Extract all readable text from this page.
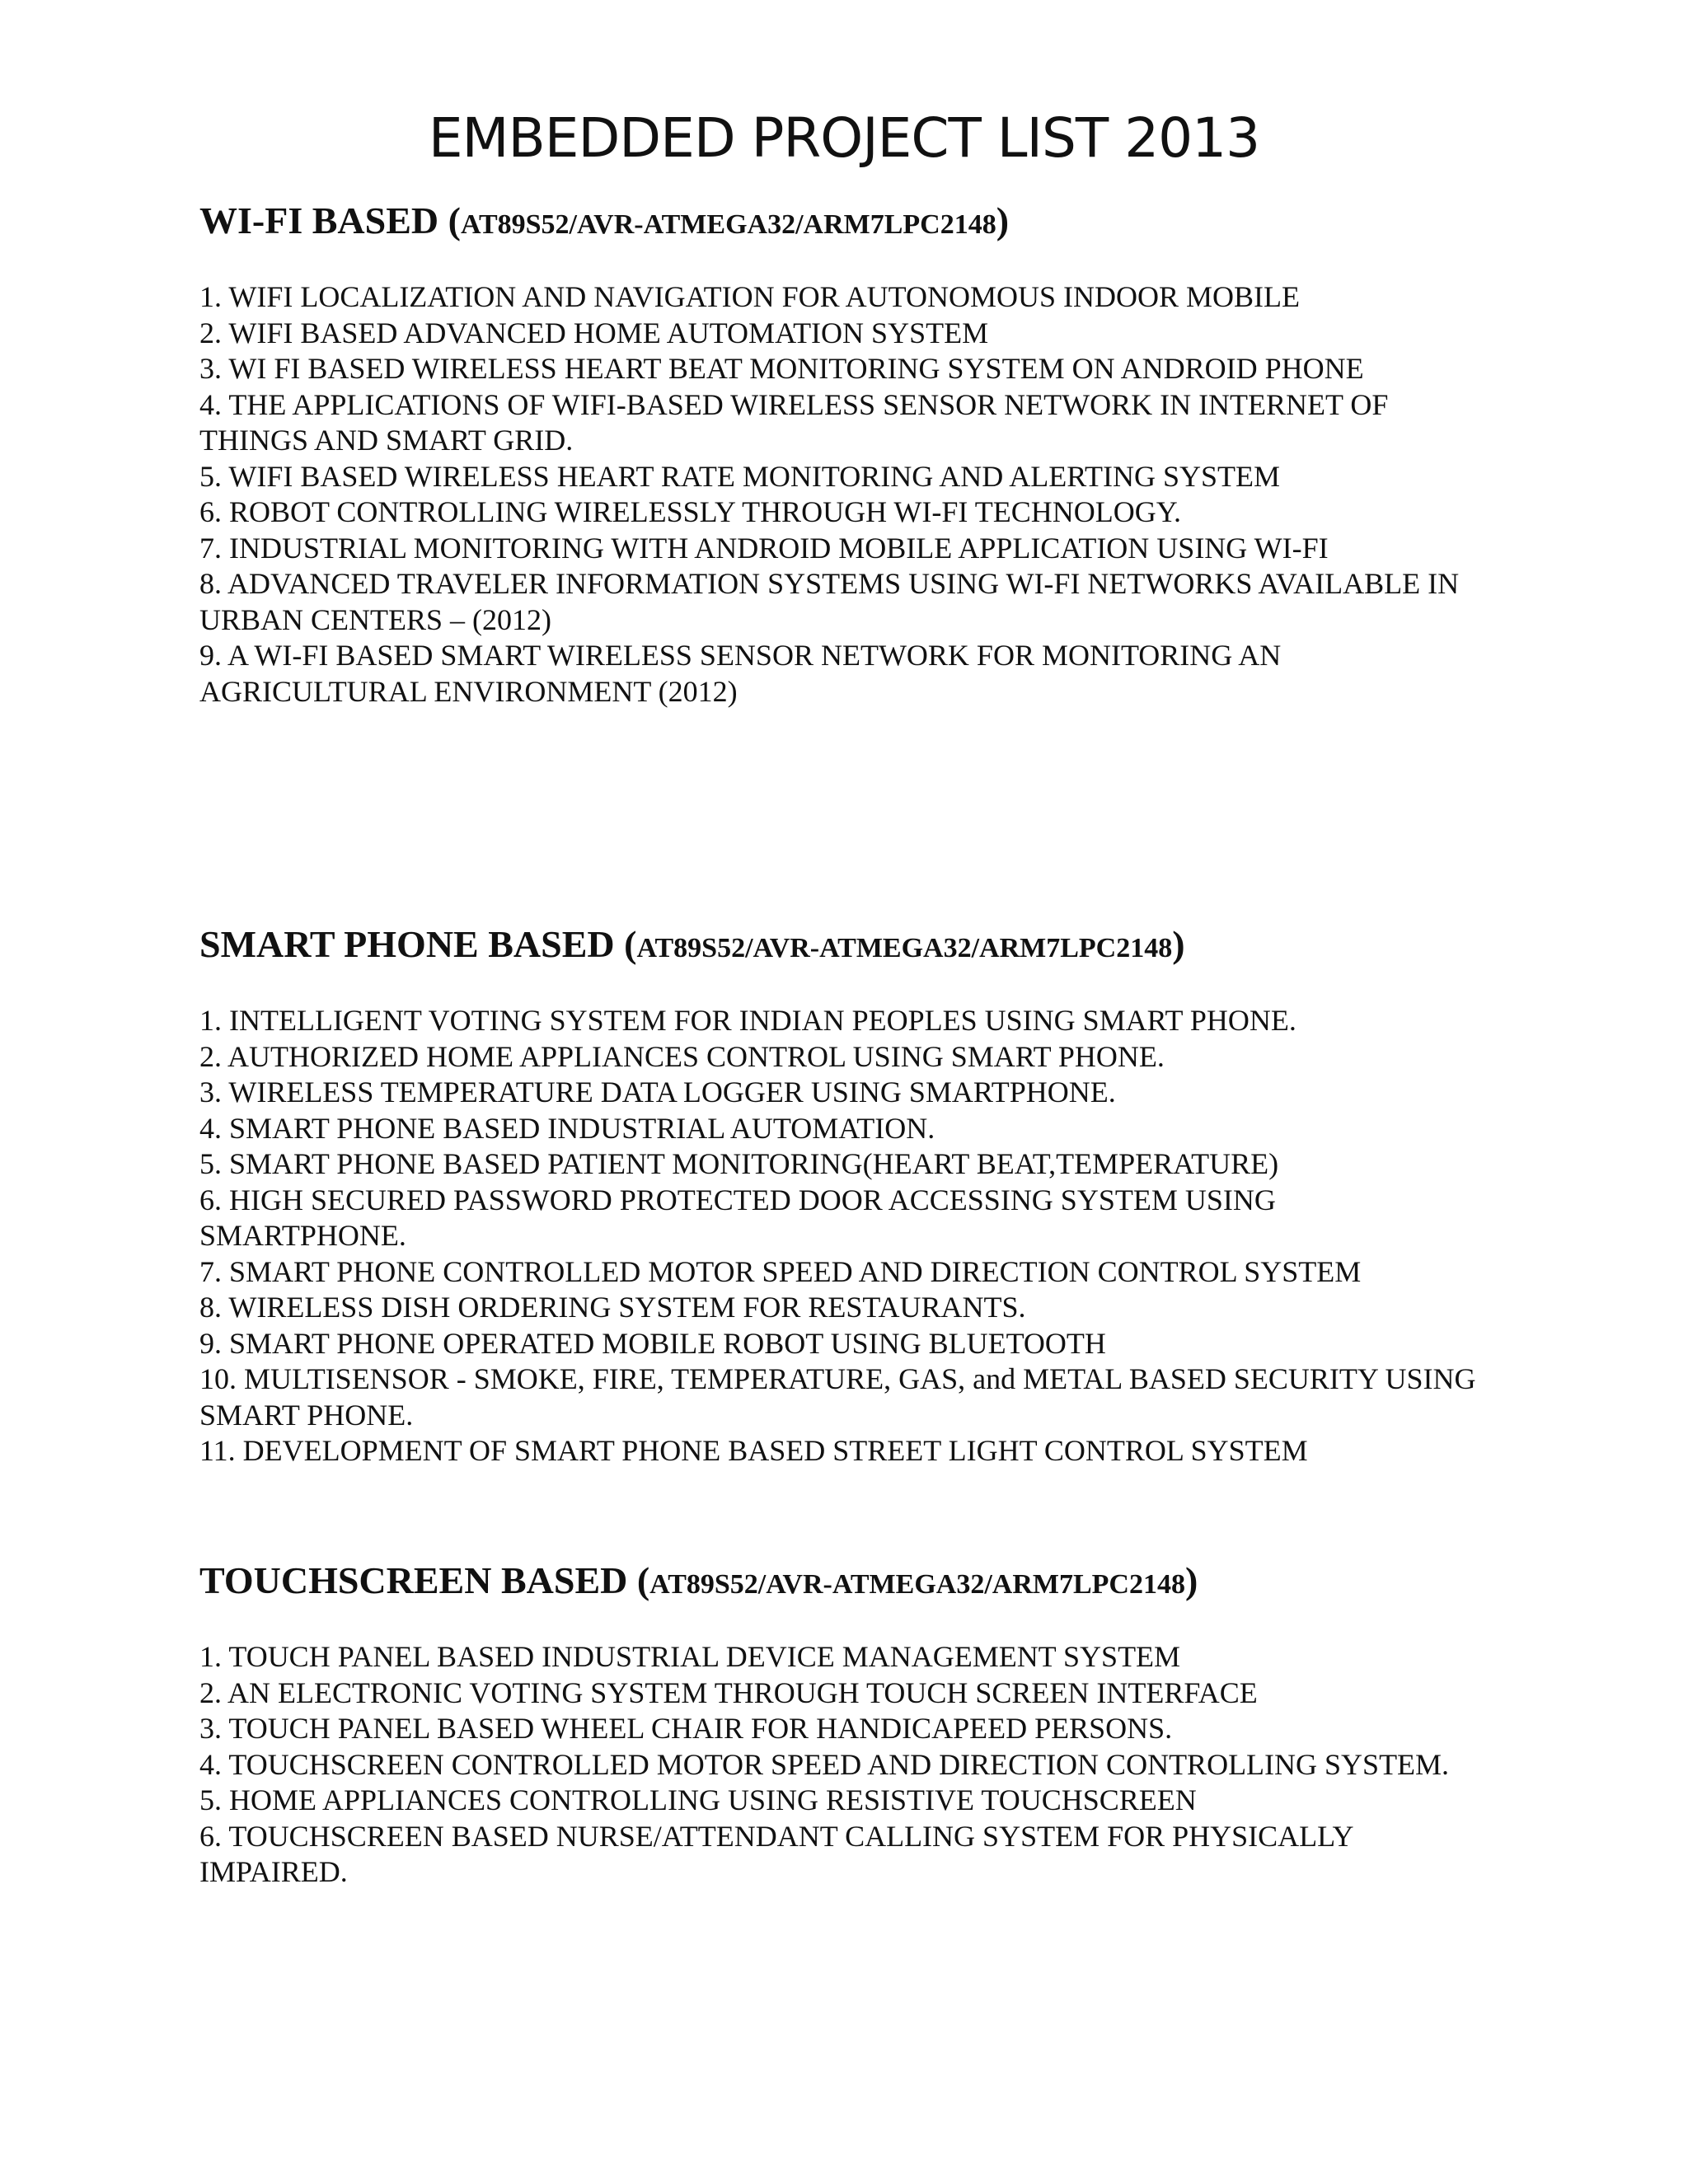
EMBEDDED PROJECT LIST 2013
WI-FI BASED (AT89S52/AVR-ATMEGA32/ARM7LPC2148)
1. WIFI LOCALIZATION AND NAVIGATION FOR AUTONOMOUS INDOOR MOBILE
2. WIFI BASED ADVANCED HOME AUTOMATION SYSTEM
3. WI FI BASED WIRELESS HEART BEAT MONITORING SYSTEM ON ANDROID PHONE
4. THE APPLICATIONS OF WIFI-BASED WIRELESS SENSOR NETWORK IN INTERNET OF THINGS AND SMART GRID.
5. WIFI BASED WIRELESS HEART RATE MONITORING AND ALERTING SYSTEM
6. ROBOT CONTROLLING WIRELESSLY THROUGH WI-FI TECHNOLOGY.
7. INDUSTRIAL MONITORING WITH ANDROID MOBILE APPLICATION USING WI-FI
8. ADVANCED TRAVELER INFORMATION SYSTEMS USING WI-FI NETWORKS AVAILABLE IN URBAN CENTERS – (2012)
9. A WI-FI BASED SMART WIRELESS SENSOR NETWORK FOR MONITORING AN AGRICULTURAL ENVIRONMENT (2012)
SMART PHONE BASED (AT89S52/AVR-ATMEGA32/ARM7LPC2148)
1. INTELLIGENT VOTING SYSTEM FOR INDIAN PEOPLES USING SMART PHONE.
2. AUTHORIZED HOME APPLIANCES CONTROL USING SMART PHONE.
3. WIRELESS TEMPERATURE DATA LOGGER USING SMARTPHONE.
4. SMART PHONE BASED INDUSTRIAL AUTOMATION.
5. SMART PHONE BASED PATIENT MONITORING(HEART BEAT,TEMPERATURE)
6. HIGH SECURED PASSWORD PROTECTED DOOR ACCESSING SYSTEM USING SMARTPHONE.
7. SMART PHONE CONTROLLED MOTOR SPEED AND DIRECTION CONTROL SYSTEM
8. WIRELESS DISH ORDERING SYSTEM FOR RESTAURANTS.
9. SMART PHONE OPERATED MOBILE ROBOT USING BLUETOOTH
10. MULTISENSOR - SMOKE, FIRE, TEMPERATURE, GAS, and METAL BASED SECURITY USING SMART PHONE.
11. DEVELOPMENT OF SMART PHONE BASED STREET LIGHT CONTROL SYSTEM
TOUCHSCREEN BASED (AT89S52/AVR-ATMEGA32/ARM7LPC2148)
1. TOUCH PANEL BASED INDUSTRIAL DEVICE MANAGEMENT SYSTEM
2. AN ELECTRONIC VOTING SYSTEM THROUGH TOUCH SCREEN INTERFACE
3. TOUCH PANEL BASED WHEEL CHAIR FOR HANDICAPEED PERSONS.
4. TOUCHSCREEN CONTROLLED MOTOR SPEED AND DIRECTION CONTROLLING SYSTEM.
5. HOME APPLIANCES CONTROLLING USING RESISTIVE TOUCHSCREEN
6. TOUCHSCREEN BASED NURSE/ATTENDANT CALLING SYSTEM FOR PHYSICALLY IMPAIRED.
